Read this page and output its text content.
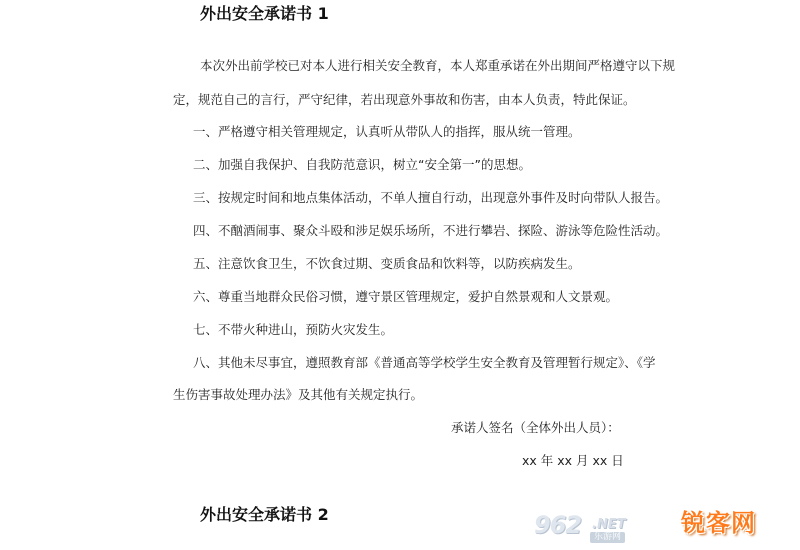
外出安全承诺书 1
本次外出前学校已对本人进行相关安全教育，本人郑重承诺在外出期间严格遵守以下规
定，规范自己的言行，严守纪律，若出现意外事故和伤害，由本人负责，特此保证。
一、严格遵守相关管理规定，认真听从带队人的指挥，服从统一管理。
二、加强自我保护、自我防范意识，树立“安全第一”的思想。
三、按规定时间和地点集体活动，不单人擅自行动，出现意外事件及时向带队人报告。
四、不酗酒闹事、聚众斗殴和涉足娱乐场所，不进行攀岩、探险、游泳等危险性活动。
五、注意饮食卫生，不饮食过期、变质食品和饮料等，以防疾病发生。
六、尊重当地群众民俗习惯，遵守景区管理规定，爱护自然景观和人文景观。
七、不带火种进山，预防火灾发生。
八、其他未尽事宜，遵照教育部《普通高等学校学生安全教育及管理暂行规定》、《学
生伤害事故处理办法》及其他有关规定执行。
承诺人签名（全体外出人员）：
xx 年 xx 月 xx 日
外出安全承诺书 2	962 .NET
乐游网 锐客网
